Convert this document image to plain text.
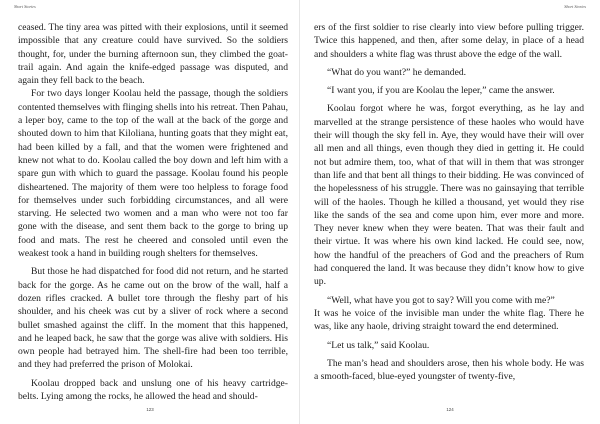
Short Stories

ceased. The tiny area was pitted with their explosions, until it seemed impossible that any creature could have survived. So the soldiers thought, for, under the burning afternoon sun, they climbed the goat-trail again. And again the knife-edged passage was disputed, and again they fell back to the beach.

For two days longer Koolau held the passage, though the soldiers contented themselves with flinging shells into his retreat. Then Pahau, a leper boy, came to the top of the wall at the back of the gorge and shouted down to him that Kiloliana, hunting goats that they might eat, had been killed by a fall, and that the women were frightened and knew not what to do. Koolau called the boy down and left him with a spare gun with which to guard the passage. Koolau found his people disheartened. The majority of them were too helpless to forage food for themselves under such forbidding circumstances, and all were starving. He selected two women and a man who were not too far gone with the disease, and sent them back to the gorge to bring up food and mats. The rest he cheered and consoled until even the weakest took a hand in building rough shelters for themselves.

But those he had dispatched for food did not return, and he started back for the gorge. As he came out on the brow of the wall, half a dozen rifles cracked. A bullet tore through the fleshy part of his shoulder, and his cheek was cut by a sliver of rock where a second bullet smashed against the cliff. In the moment that this happened, and he leaped back, he saw that the gorge was alive with soldiers. His own people had betrayed him. The shell-fire had been too terrible, and they had preferred the prison of Molokai.

Koolau dropped back and unslung one of his heavy cartridge-belts. Lying among the rocks, he allowed the head and should-

123
Short Stories

ers of the first soldier to rise clearly into view before pulling trigger. Twice this happened, and then, after some delay, in place of a head and shoulders a white flag was thrust above the edge of the wall.

“What do you want?” he demanded.

“I want you, if you are Koolau the leper,” came the answer.

Koolau forgot where he was, forgot everything, as he lay and marvelled at the strange persistence of these haoles who would have their will though the sky fell in. Aye, they would have their will over all men and all things, even though they died in getting it. He could not but admire them, too, what of that will in them that was stronger than life and that bent all things to their bidding. He was convinced of the hopelessness of his struggle. There was no gainsaying that terrible will of the haoles. Though he killed a thousand, yet would they rise like the sands of the sea and come upon him, ever more and more. They never knew when they were beaten. That was their fault and their virtue. It was where his own kind lacked. He could see, now, how the handful of the preachers of God and the preachers of Rum had conquered the land. It was because they didn’t know how to give up.

“Well, what have you got to say? Will you come with me?”

It was he voice of the invisible man under the white flag. There he was, like any haole, driving straight toward the end determined.

“Let us talk,” said Koolau.

The man’s head and shoulders arose, then his whole body. He was a smooth-faced, blue-eyed youngster of twenty-five,

124
